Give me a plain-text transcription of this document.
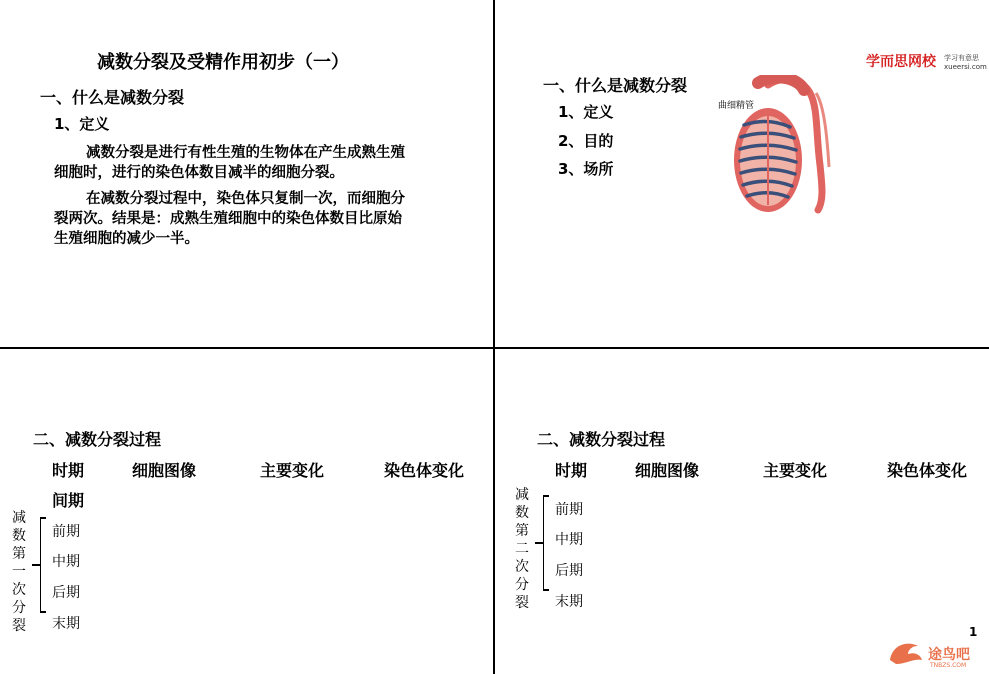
减数分裂及受精作用初步（一）
一、什么是减数分裂
1、定义

减数分裂是进行有性生殖的生物体在产生成熟生殖细胞时，进行的染色体数目减半的细胞分裂。

在减数分裂过程中，染色体只复制一次，而细胞分裂两次。结果是：成熟生殖细胞中的染色体数目比原始生殖细胞的减少一半。

学而思网校 学习有意思
xueersi.com
一、什么是减数分裂
1、定义
2、目的
3、场所
曲细精管
二、减数分裂过程
时期	细胞图像	主要变化	染色体变化
间期
减数第一次分裂
前期
中期
后期
末期
二、减数分裂过程
时期	细胞图像	主要变化	染色体变化
减数第二次分裂
前期
中期
后期
末期
1
途鸟吧
TNBZS.COM
